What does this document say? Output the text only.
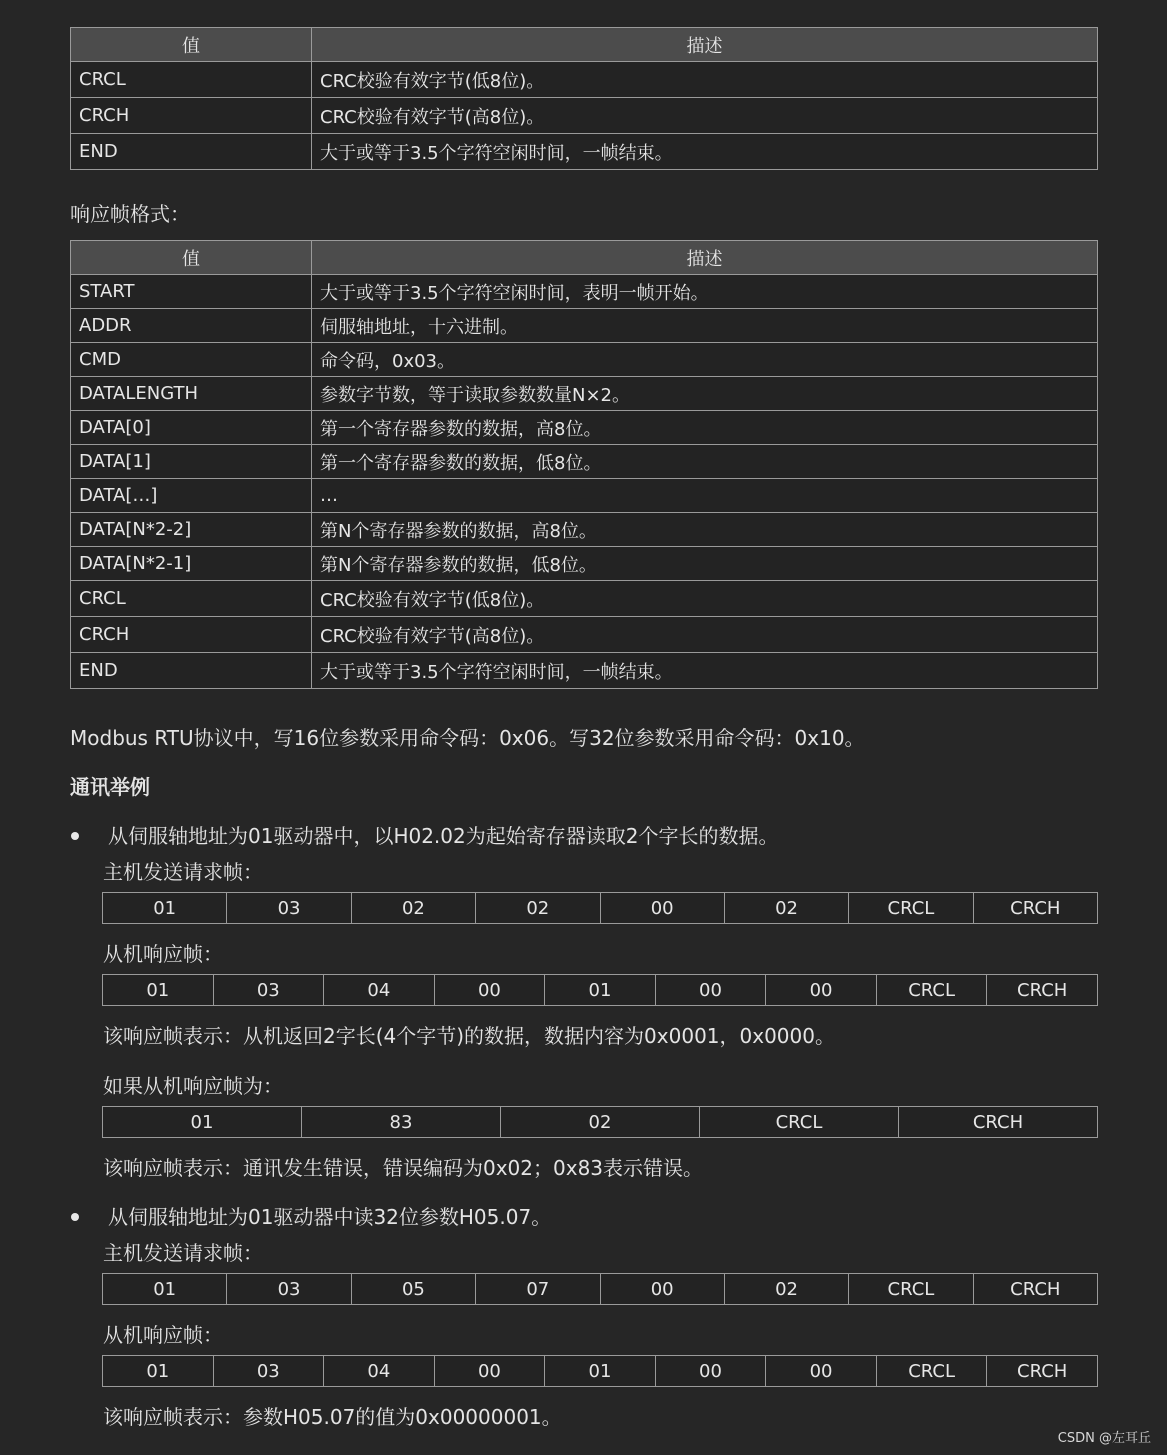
值	描述
CRCL	CRC校验有效字节(低8位)。
CRCH	CRC校验有效字节(高8位)。
END	大于或等于3.5个字符空闲时间，一帧结束。

响应帧格式：

值	描述
START	大于或等于3.5个字符空闲时间，表明一帧开始。
ADDR	伺服轴地址，十六进制。
CMD	命令码，0x03。
DATALENGTH	参数字节数，等于读取参数数量N×2。
DATA[0]	第一个寄存器参数的数据，高8位。
DATA[1]	第一个寄存器参数的数据，低8位。
DATA[…]	…
DATA[N*2-2]	第N个寄存器参数的数据，高8位。
DATA[N*2-1]	第N个寄存器参数的数据，低8位。
CRCL	CRC校验有效字节(低8位)。
CRCH	CRC校验有效字节(高8位)。
END	大于或等于3.5个字符空闲时间，一帧结束。

Modbus RTU协议中，写16位参数采用命令码：0x06。写32位参数采用命令码：0x10。

通讯举例

从伺服轴地址为01驱动器中，以H02.02为起始寄存器读取2个字长的数据。

主机发送请求帧：

01	03	02	02	00	02	CRCL	CRCH

从机响应帧：

01	03	04	00	01	00	00	CRCL	CRCH

该响应帧表示：从机返回2字长(4个字节)的数据，数据内容为0x0001，0x0000。

如果从机响应帧为：

01	83	02	CRCL	CRCH

该响应帧表示：通讯发生错误，错误编码为0x02；0x83表示错误。

从伺服轴地址为01驱动器中读32位参数H05.07。

主机发送请求帧：

01	03	05	07	00	02	CRCL	CRCH

从机响应帧：

01	03	04	00	01	00	00	CRCL	CRCH

该响应帧表示：参数H05.07的值为0x00000001。

CSDN @左耳丘
